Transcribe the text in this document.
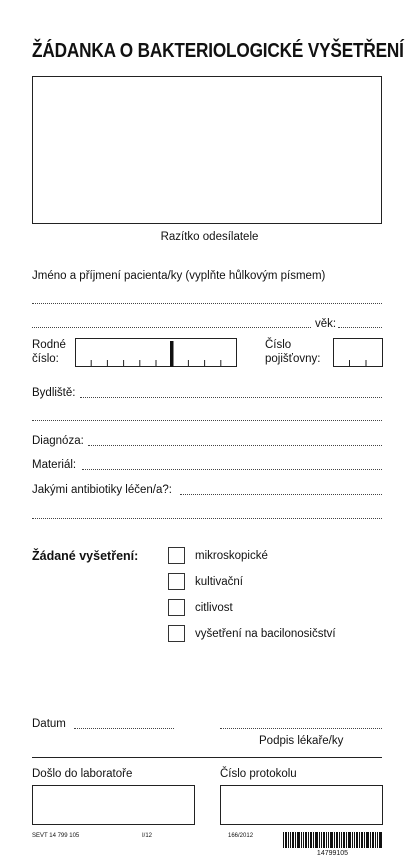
ŽÁDANKA O BAKTERIOLOGICKÉ VYŠETŘENÍ
Razítko odesílatele
Jméno a příjmení pacienta/ky (vyplňte hůlkovým písmem)
věk:
Rodné
číslo:
Číslo
pojišťovny:
Bydliště:
Diagnóza:
Materiál:
Jakými antibiotiky léčen/a?:
Žádané vyšetření:	mikroskopické
kultivační
citlivost
vyšetření na bacilonosičství
Datum
Podpis lékaře/ky
Došlo do laboratoře	Číslo protokolu
SEVT 14 799 105	I/12	166/2012
14799105
